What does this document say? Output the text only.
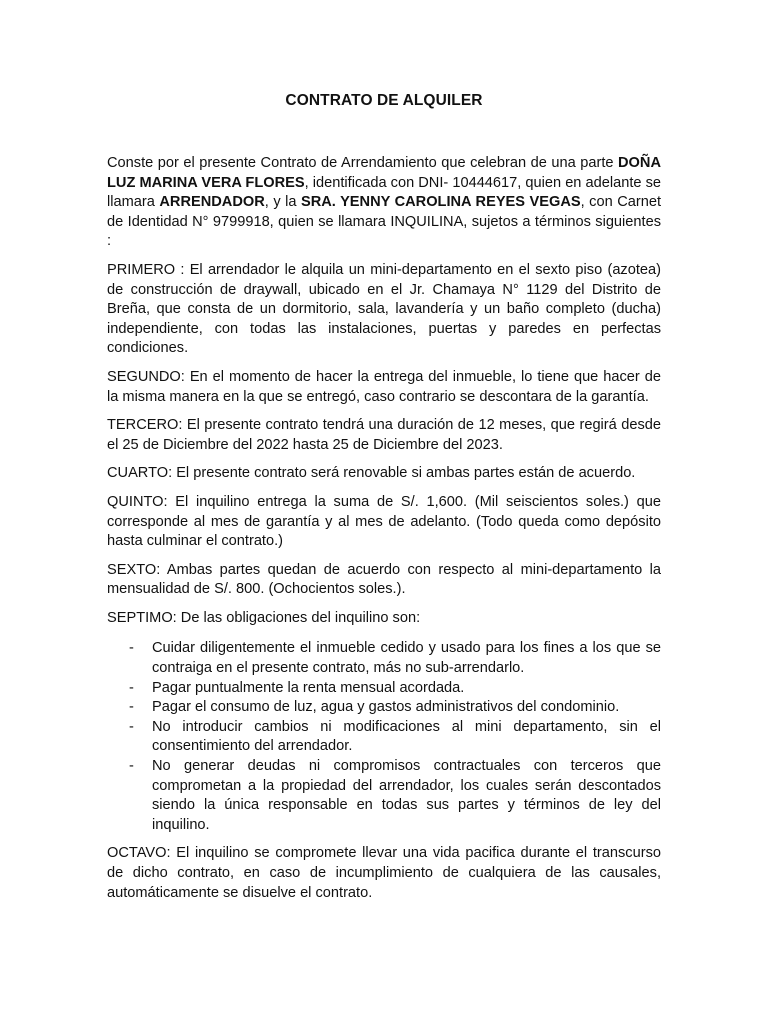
CONTRATO DE ALQUILER

Conste por el presente Contrato de Arrendamiento que celebran de una parte DOÑA LUZ MARINA VERA FLORES, identificada con DNI- 10444617, quien en adelante se llamara ARRENDADOR, y la SRA. YENNY CAROLINA REYES VEGAS, con Carnet de Identidad N° 9799918, quien se llamara INQUILINA, sujetos a términos siguientes :

PRIMERO : El arrendador le alquila un mini-departamento en el sexto piso (azotea) de construcción de draywall, ubicado en el Jr. Chamaya N° 1129 del Distrito de Breña, que consta de un dormitorio, sala, lavandería y un baño completo (ducha) independiente, con todas las instalaciones, puertas y paredes en perfectas condiciones.

SEGUNDO: En el momento de hacer la entrega del inmueble, lo tiene que hacer de la misma manera en la que se entregó, caso contrario se descontara de la garantía.

TERCERO: El presente contrato tendrá una duración de 12 meses, que regirá desde el 25 de Diciembre del 2022 hasta 25 de Diciembre del 2023.

CUARTO: El presente contrato será renovable si ambas partes están de acuerdo.

QUINTO: El inquilino entrega la suma de S/. 1,600. (Mil seiscientos soles.) que corresponde al mes de garantía y al mes de adelanto. (Todo queda como depósito hasta culminar el contrato.)

SEXTO: Ambas partes quedan de acuerdo con respecto al mini-departamento la mensualidad de S/. 800. (Ochocientos soles.).

SEPTIMO: De las obligaciones del inquilino son:

- Cuidar diligentemente el inmueble cedido y usado para los fines a los que se contraiga en el presente contrato, más no sub-arrendarlo.
- Pagar puntualmente la renta mensual acordada.
- Pagar el consumo de luz, agua y gastos administrativos del condominio.
- No introducir cambios ni modificaciones al mini departamento, sin el consentimiento del arrendador.
- No generar deudas ni compromisos contractuales con terceros que comprometan a la propiedad del arrendador, los cuales serán descontados siendo la única responsable en todas sus partes y términos de ley del inquilino.

OCTAVO: El inquilino se compromete llevar una vida pacifica durante el transcurso de dicho contrato, en caso de incumplimiento de cualquiera de las causales, automáticamente se disuelve el contrato.
